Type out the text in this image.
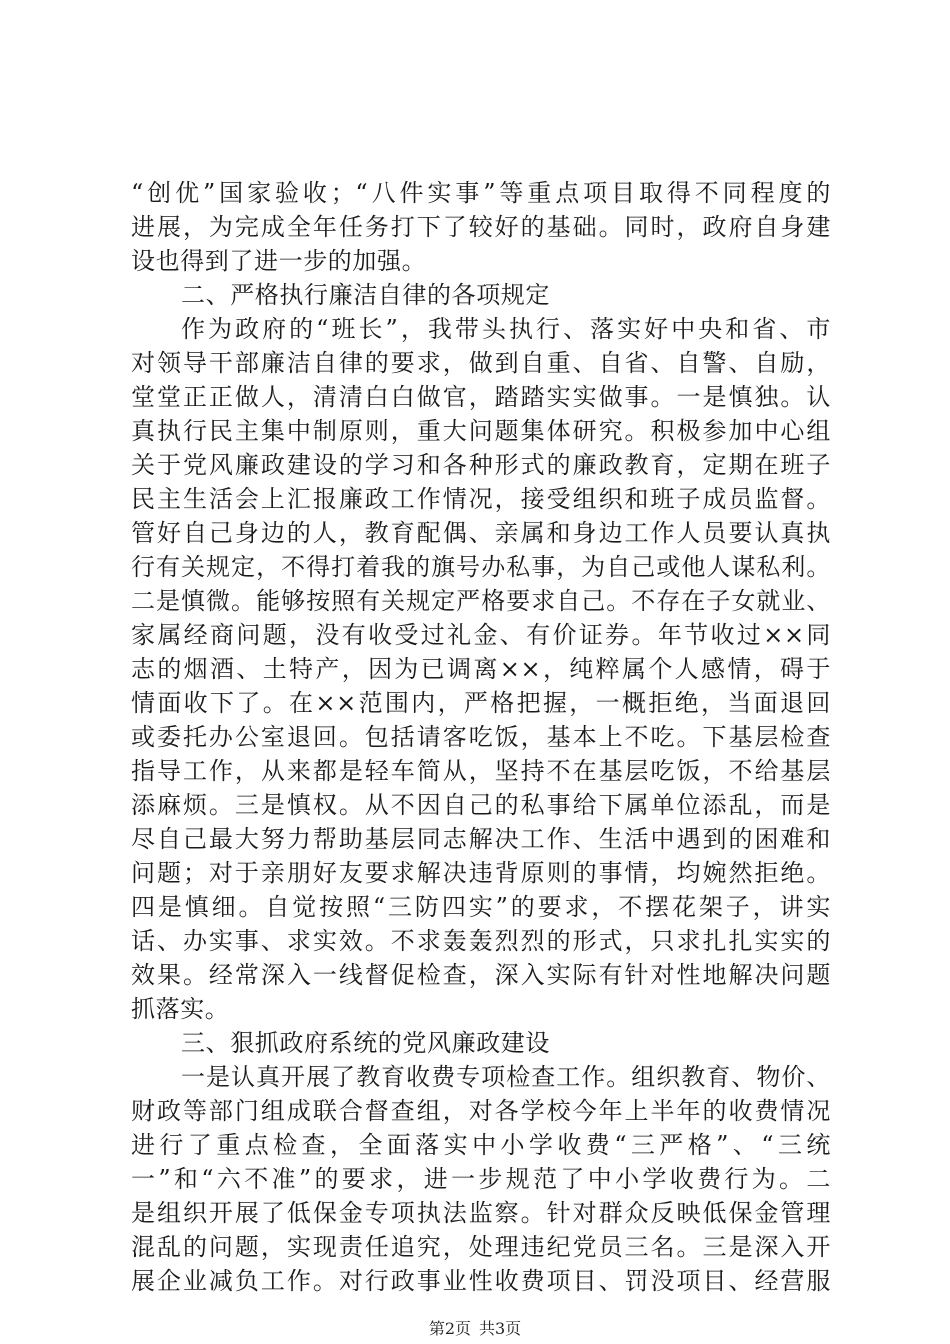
“创优”国家验收；“八件实事”等重点项目取得不同程度的
进展，为完成全年任务打下了较好的基础。同时，政府自身建
设也得到了进一步的加强。
二、严格执行廉洁自律的各项规定
作为政府的“班长”，我带头执行、落实好中央和省、市
对领导干部廉洁自律的要求，做到自重、自省、自警、自励，
堂堂正正做人，清清白白做官，踏踏实实做事。一是慎独。认
真执行民主集中制原则，重大问题集体研究。积极参加中心组
关于党风廉政建设的学习和各种形式的廉政教育，定期在班子
民主生活会上汇报廉政工作情况，接受组织和班子成员监督。
管好自己身边的人，教育配偶、亲属和身边工作人员要认真执
行有关规定，不得打着我的旗号办私事，为自己或他人谋私利。
二是慎微。能够按照有关规定严格要求自己。不存在子女就业、
家属经商问题，没有收受过礼金、有价证券。年节收过××同
志的烟酒、土特产，因为已调离××，纯粹属个人感情，碍于
情面收下了。在××范围内，严格把握，一概拒绝，当面退回
或委托办公室退回。包括请客吃饭，基本上不吃。下基层检查
指导工作，从来都是轻车简从，坚持不在基层吃饭，不给基层
添麻烦。三是慎权。从不因自己的私事给下属单位添乱，而是
尽自己最大努力帮助基层同志解决工作、生活中遇到的困难和
问题；对于亲朋好友要求解决违背原则的事情，均婉然拒绝。
四是慎细。自觉按照“三防四实”的要求，不摆花架子，讲实
话、办实事、求实效。不求轰轰烈烈的形式，只求扎扎实实的
效果。经常深入一线督促检查，深入实际有针对性地解决问题
抓落实。
三、狠抓政府系统的党风廉政建设
一是认真开展了教育收费专项检查工作。组织教育、物价、
财政等部门组成联合督查组，对各学校今年上半年的收费情况
进行了重点检查，全面落实中小学收费“三严格”、“三统
一”和“六不准”的要求，进一步规范了中小学收费行为。二
是组织开展了低保金专项执法监察。针对群众反映低保金管理
混乱的问题，实现责任追究，处理违纪党员三名。三是深入开
展企业减负工作。对行政事业性收费项目、罚没项目、经营服
第2页 共3页
